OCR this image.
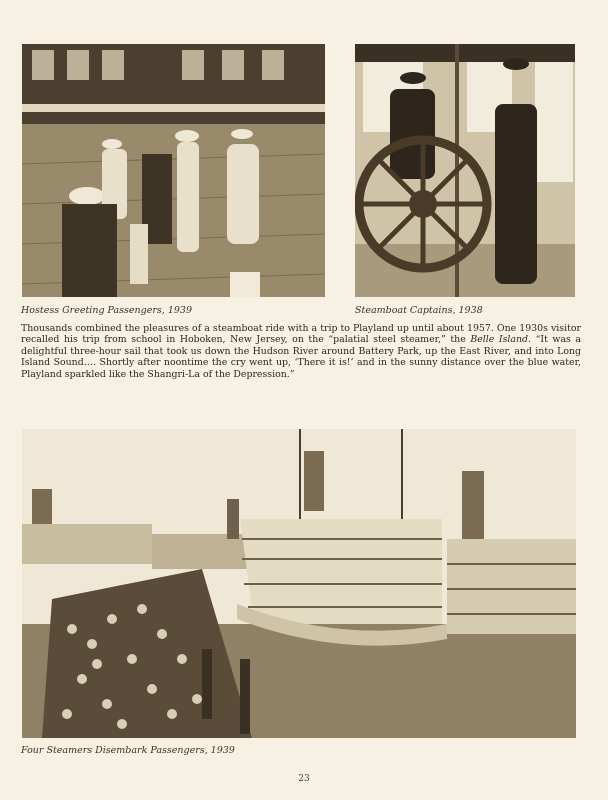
Hostess Greeting Passengers, 1939	Steamboat Captains, 1938
Thousands combined the pleasures of a steamboat ride with a trip to Playland up until about 1957. One 1930s visitor recalled his trip from school in Hoboken, New Jersey, on the “palatial steel steamer,” the Belle Island. “It was a delightful three-hour sail that took us down the Hudson River around Battery Park, up the East River, and into Long Island Sound…. Shortly after noontime the cry went up, ‘There it is!’ and in the sunny distance over the blue water, Playland sparkled like the Shangri-La of the Depression.”
Four Steamers Disembark Passengers, 1939
23
